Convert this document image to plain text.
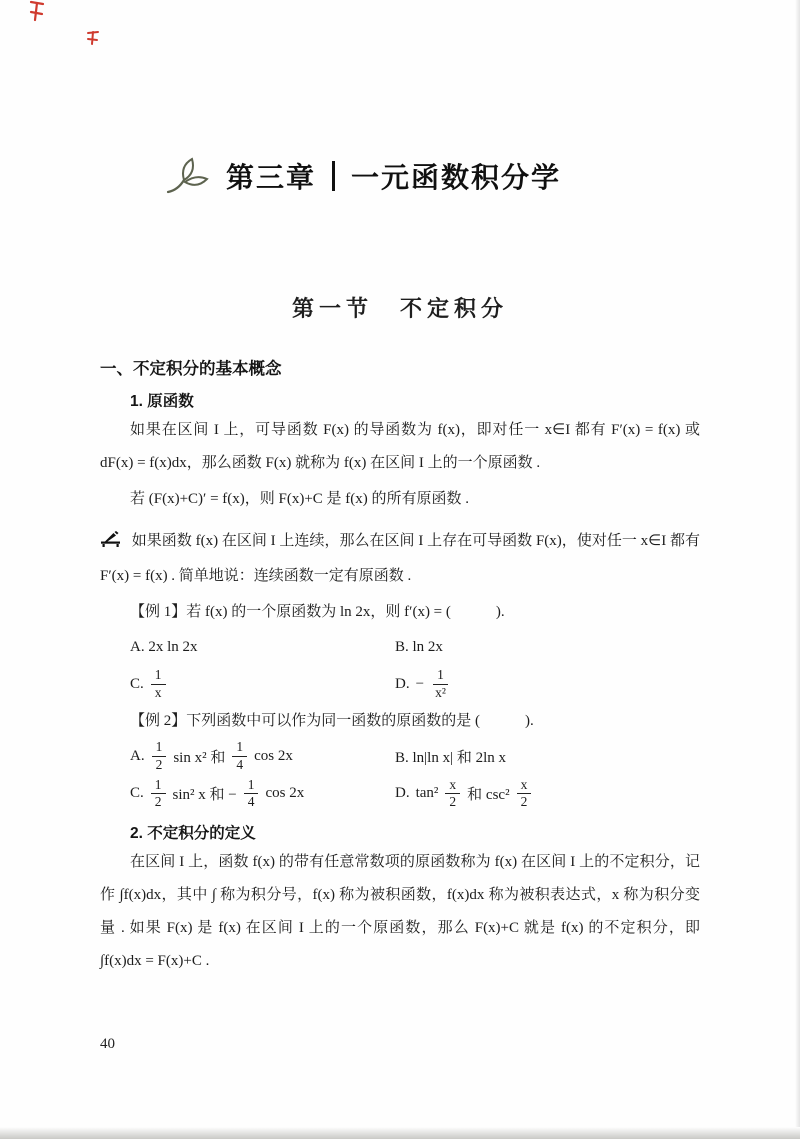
第三章 一元函数积分学
第一节　不定积分
一、不定积分的基本概念
1. 原函数

如果在区间 I 上，可导函数 F(x) 的导函数为 f(x)，即对任一 x∈I 都有 F′(x) = f(x) 或 dF(x) = f(x)dx，那么函数 F(x) 就称为 f(x) 在区间 I 上的一个原函数 .

若 (F(x)+C)′ = f(x)，则 F(x)+C 是 f(x) 的所有原函数 .

如果函数 f(x) 在区间 I 上连续，那么在区间 I 上存在可导函数 F(x)，使对任一 x∈I 都有 F′(x) = f(x) . 简单地说：连续函数一定有原函数 .

【例 1】若 f(x) 的一个原函数为 ln 2x，则 f′(x) = (　　　).

A. 2x ln 2x	B. ln 2x
C. $\frac{1}{x}$	D. − $\frac{1}{\text{x²}}$

【例 2】下列函数中可以作为同一函数的原函数的是 (　　　).

A. $\frac{1}{2}$ sin x² 和 $\frac{1}{4}$ cos 2x	B. ln|ln x| 和 2ln x
C. $\frac{1}{2} \sin^2$ x 和 − $\frac{1}{4}$ cos 2x	D. $\tan^2 \frac{x}{2}$ 和 $\csc^2 \frac{x}{2}$
2. 不定积分的定义

在区间 I 上，函数 f(x) 的带有任意常数项的原函数称为 f(x) 在区间 I 上的不定积分，记作 ∫f(x)dx，其中 ∫ 称为积分号，f(x) 称为被积函数，f(x)dx 称为被积表达式，x 称为积分变量 . 如果 F(x) 是 f(x) 在区间 I 上的一个原函数，那么 F(x)+C 就是 f(x) 的不定积分，即 ∫f(x)dx = F(x)+C .

40
